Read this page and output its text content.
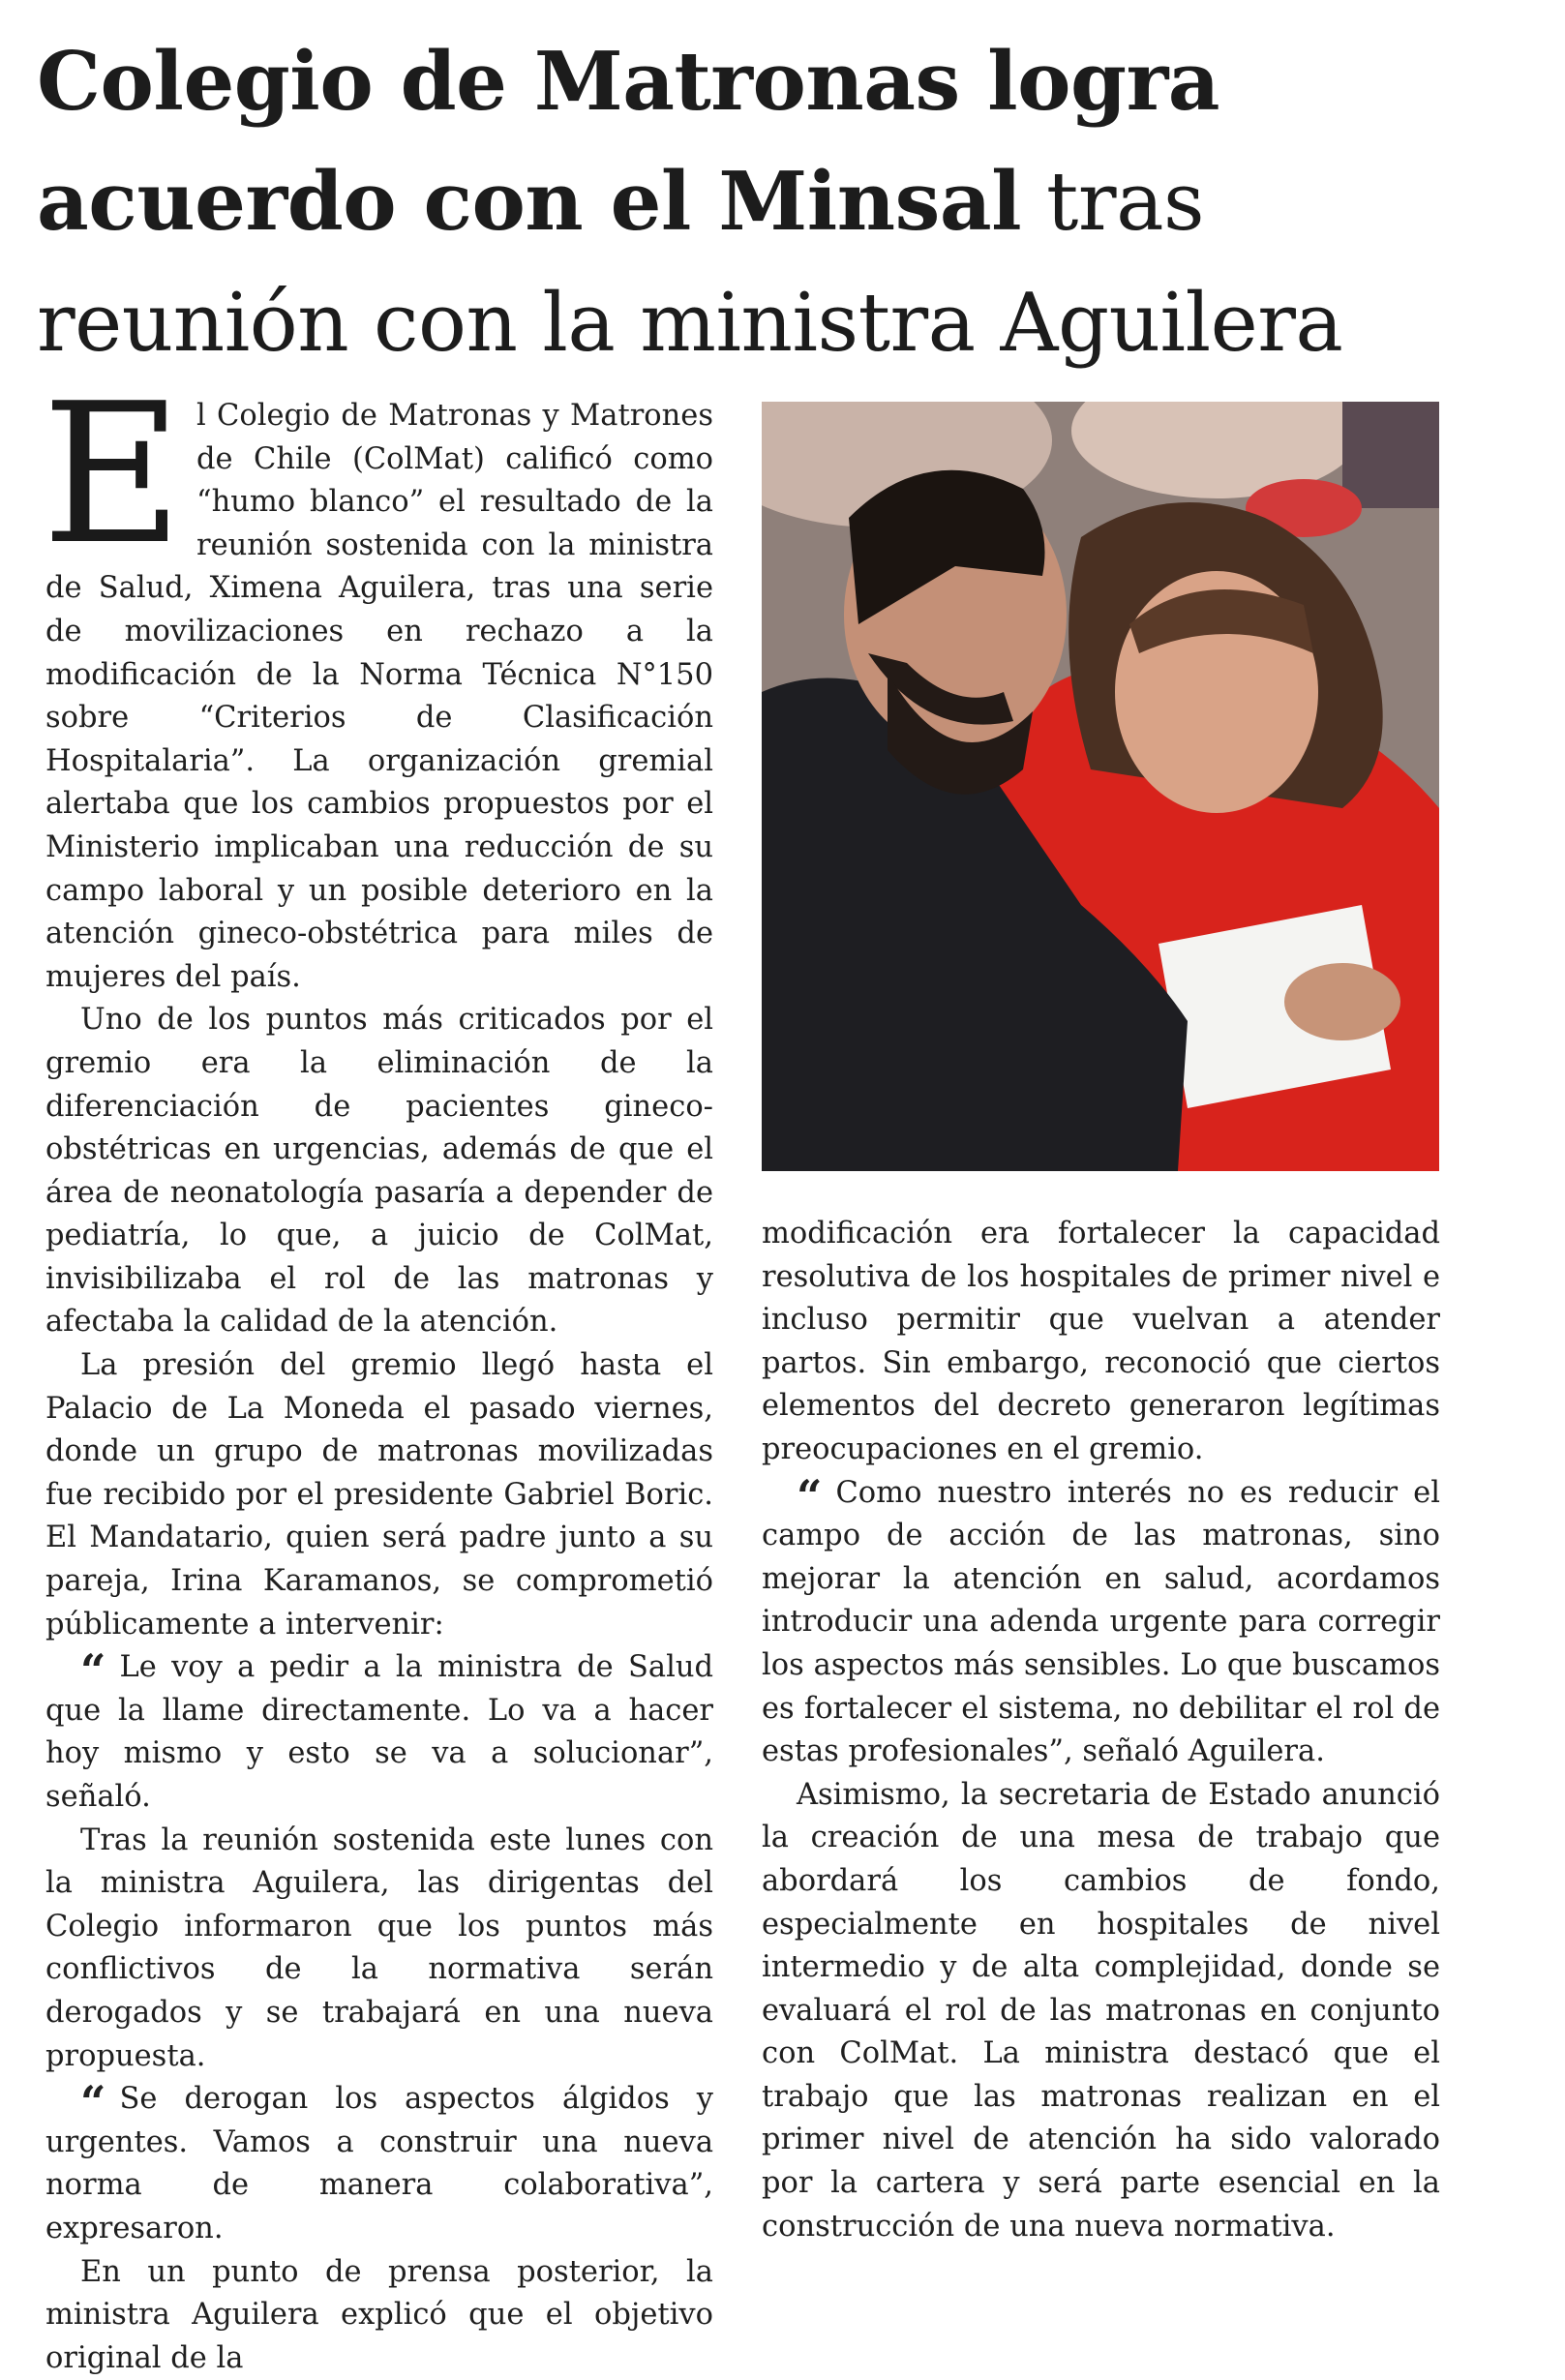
Colegio de Matronas logra acuerdo con el Minsal tras reunión con la ministra Aguilera

El Colegio de Matronas y Matrones de Chile (ColMat) calificó como “humo blanco” el resultado de la reunión sostenida con la ministra de Salud, Ximena Aguilera, tras una serie de movilizaciones en rechazo a la modificación de la Norma Técnica N°150 sobre “Criterios de Clasificación Hospitalaria”. La organización gremial alertaba que los cambios propuestos por el Ministerio implicaban una reducción de su campo laboral y un posible deterioro en la atención gineco-obstétrica para miles de mujeres del país.

Uno de los puntos más criticados por el gremio era la eliminación de la diferenciación de pacientes gineco-obstétricas en urgencias, además de que el área de neonatología pasaría a depender de pediatría, lo que, a juicio de ColMat, invisibilizaba el rol de las matronas y afectaba la calidad de la atención.

La presión del gremio llegó hasta el Palacio de La Moneda el pasado viernes, donde un grupo de matronas movilizadas fue recibido por el presidente Gabriel Boric. El Mandatario, quien será padre junto a su pareja, Irina Karamanos, se comprometió públicamente a intervenir:

“ Le voy a pedir a la ministra de Salud que la llame directamente. Lo va a hacer hoy mismo y esto se va a solucionar”, señaló.

Tras la reunión sostenida este lunes con la ministra Aguilera, las dirigentas del Colegio informaron que los puntos más conflictivos de la normativa serán derogados y se trabajará en una nueva propuesta.

“ Se derogan los aspectos álgidos y urgentes. Vamos a construir una nueva norma de manera colaborativa”, expresaron.

En un punto de prensa posterior, la ministra Aguilera explicó que el objetivo original de la

modificación era fortalecer la capacidad resolutiva de los hospitales de primer nivel e incluso permitir que vuelvan a atender partos. Sin embargo, reconoció que ciertos elementos del decreto generaron legítimas preocupaciones en el gremio.

“ Como nuestro interés no es reducir el campo de acción de las matronas, sino mejorar la atención en salud, acordamos introducir una adenda urgente para corregir los aspectos más sensibles. Lo que buscamos es fortalecer el sistema, no debilitar el rol de estas profesionales”, señaló Aguilera.

Asimismo, la secretaria de Estado anunció la creación de una mesa de trabajo que abordará los cambios de fondo, especialmente en hospitales de nivel intermedio y de alta complejidad, donde se evaluará el rol de las matronas en conjunto con ColMat. La ministra destacó que el trabajo que las matronas realizan en el primer nivel de atención ha sido valorado por la cartera y será parte esencial en la construcción de una nueva normativa.
